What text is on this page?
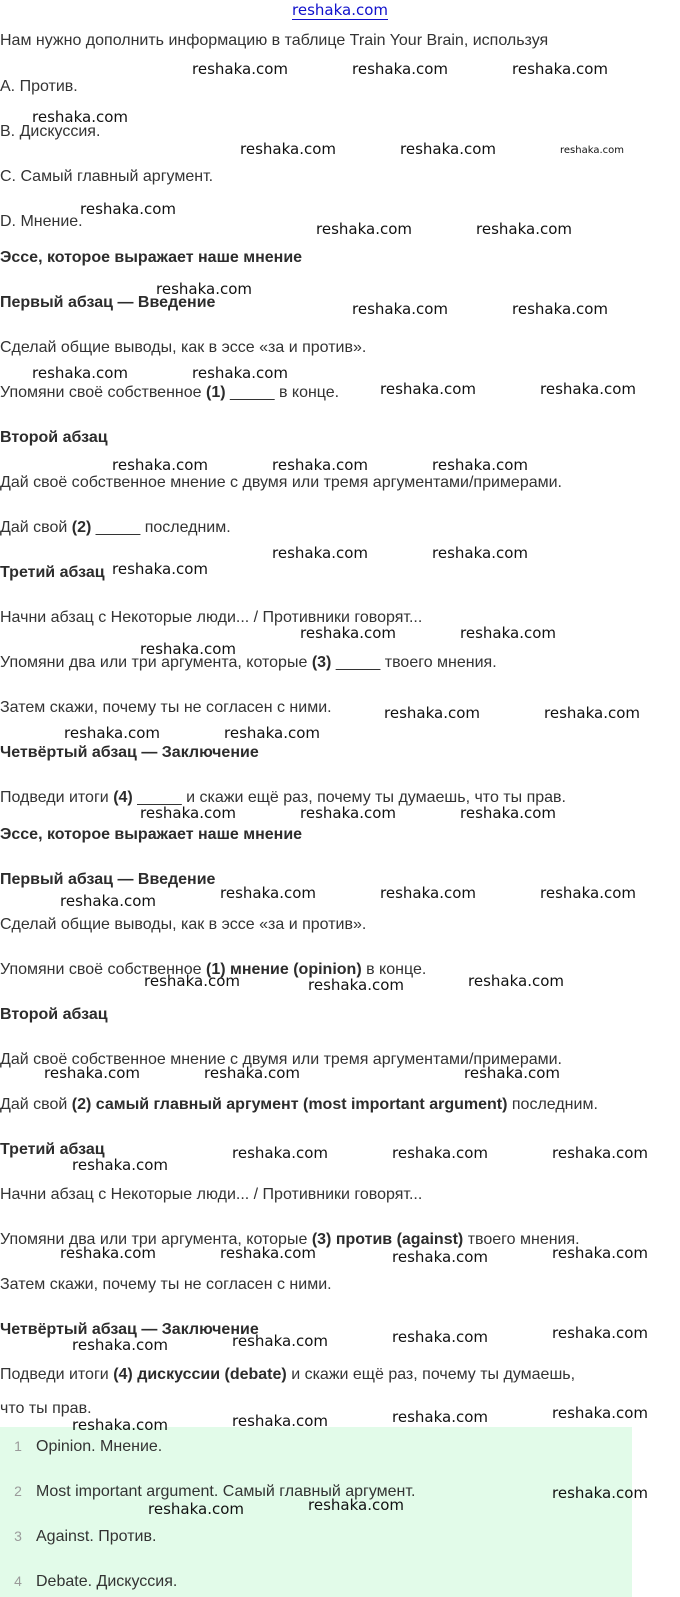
reshaka.com
Нам нужно дополнить информацию в таблице Train Your Brain, используя
A. Против.
B. Дискуссия.
C. Самый главный аргумент.
D. Мнение.
Эссе, которое выражает наше мнение
Первый абзац — Введение
Сделай общие выводы, как в эссе «за и против».
Упомяни своё собственное (1) _____ в конце.
Второй абзац
Дай своё собственное мнение с двумя или тремя аргументами/примерами.
Дай свой (2) _____ последним.
Третий абзац
Начни абзац с Некоторые люди... / Противники говорят...
Упомяни два или три аргумента, которые (3) _____ твоего мнения.
Затем скажи, почему ты не согласен с ними.
Четвёртый абзац — Заключение
Подведи итоги (4) _____ и скажи ещё раз, почему ты думаешь, что ты прав.
Эссе, которое выражает наше мнение
Первый абзац — Введение
Сделай общие выводы, как в эссе «за и против».
Упомяни своё собственное (1) мнение (opinion) в конце.
Второй абзац
Дай своё собственное мнение с двумя или тремя аргументами/примерами.
Дай свой (2) самый главный аргумент (most important argument) последним.
Третий абзац
Начни абзац с Некоторые люди... / Противники говорят...
Упомяни два или три аргумента, которые (3) против (against) твоего мнения.
Затем скажи, почему ты не согласен с ними.
Четвёртый абзац — Заключение
Подведи итоги (4) дискуссии (debate) и скажи ещё раз, почему ты думаешь,
что ты прав.
1 Opinion. Мнение.
2 Most important argument. Самый главный аргумент.
3 Against. Против.
4 Debate. Дискуссия.
reshaka.com	reshaka.com	reshaka.com
reshaka.com
reshaka.com	reshaka.com	reshaka.com
reshaka.com
reshaka.com	reshaka.com
reshaka.com
reshaka.com	reshaka.com
reshaka.com	reshaka.com
reshaka.com	reshaka.com
reshaka.com	reshaka.com	reshaka.com
reshaka.com	reshaka.com
reshaka.com
reshaka.com	reshaka.com
reshaka.com
reshaka.com	reshaka.com
reshaka.com	reshaka.com
reshaka.com	reshaka.com	reshaka.com
reshaka.com	reshaka.com	reshaka.com
reshaka.com
reshaka.com	reshaka.com	reshaka.com
reshaka.com	reshaka.com	reshaka.com
reshaka.com	reshaka.com	reshaka.com
reshaka.com
reshaka.com	reshaka.com	reshaka.com	reshaka.com
reshaka.com	reshaka.com	reshaka.com	reshaka.com
reshaka.com	reshaka.com	reshaka.com	reshaka.com
reshaka.com	reshaka.com
reshaka.com
